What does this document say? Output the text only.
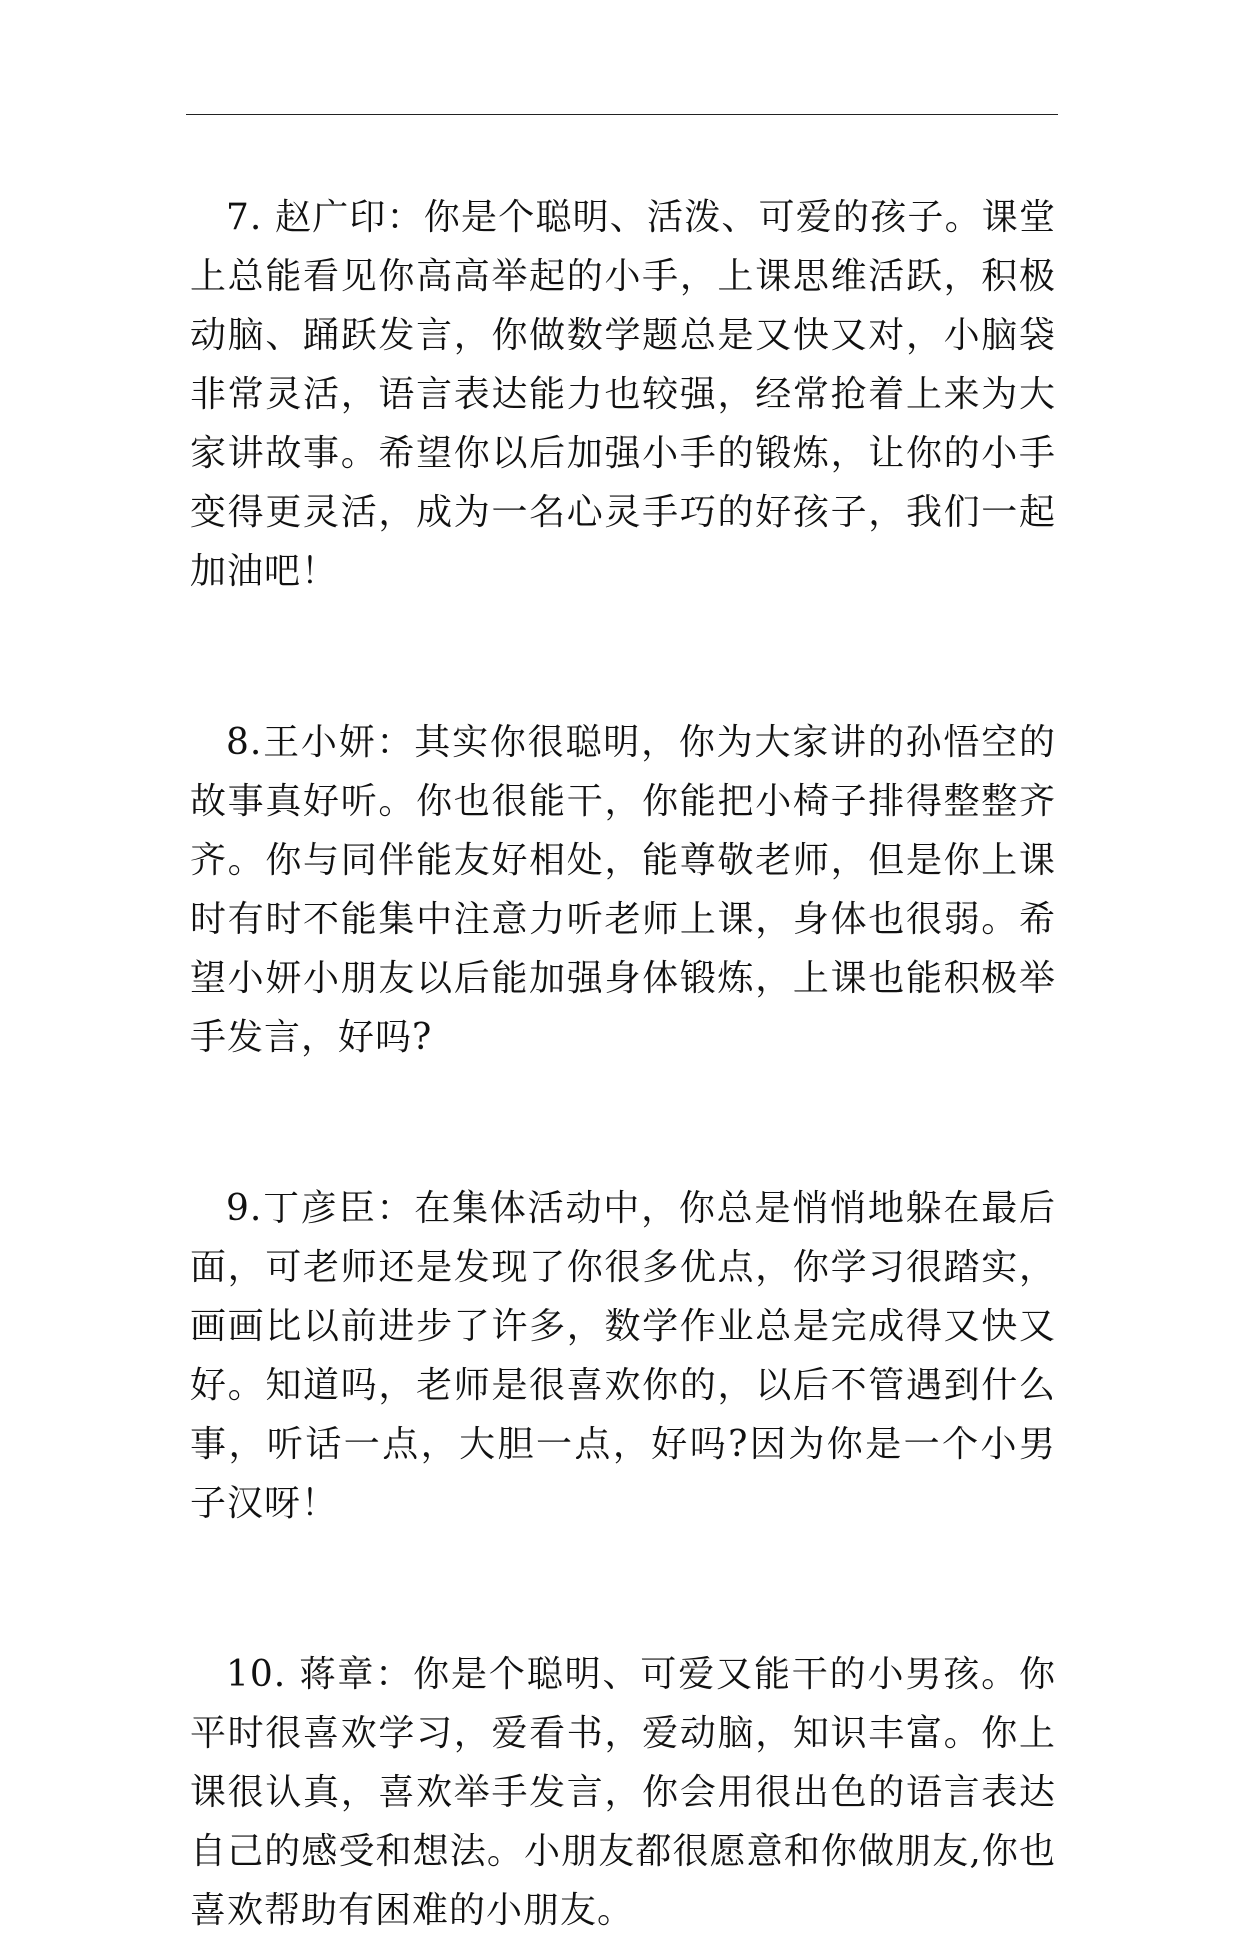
7. 赵广印：你是个聪明、活泼、可爱的孩子。课堂上总能看见你高高举起的小手，上课思维活跃，积极动脑、踊跃发言，你做数学题总是又快又对，小脑袋非常灵活，语言表达能力也较强，经常抢着上来为大家讲故事。希望你以后加强小手的锻炼，让你的小手变得更灵活，成为一名心灵手巧的好孩子，我们一起加油吧！

8.王小妍：其实你很聪明，你为大家讲的孙悟空的故事真好听。你也很能干，你能把小椅子排得整整齐齐。你与同伴能友好相处，能尊敬老师，但是你上课时有时不能集中注意力听老师上课，身体也很弱。希望小妍小朋友以后能加强身体锻炼，上课也能积极举手发言，好吗?

9.丁彦臣：在集体活动中，你总是悄悄地躲在最后面，可老师还是发现了你很多优点，你学习很踏实，画画比以前进步了许多，数学作业总是完成得又快又好。知道吗，老师是很喜欢你的，以后不管遇到什么事，听话一点，大胆一点，好吗?因为你是一个小男子汉呀！

10. 蒋章：你是个聪明、可爱又能干的小男孩。你平时很喜欢学习，爱看书，爱动脑，知识丰富。你上课很认真，喜欢举手发言，你会用很出色的语言表达自己的感受和想法。小朋友都很愿意和你做朋友,你也喜欢帮助有困难的小朋友。
